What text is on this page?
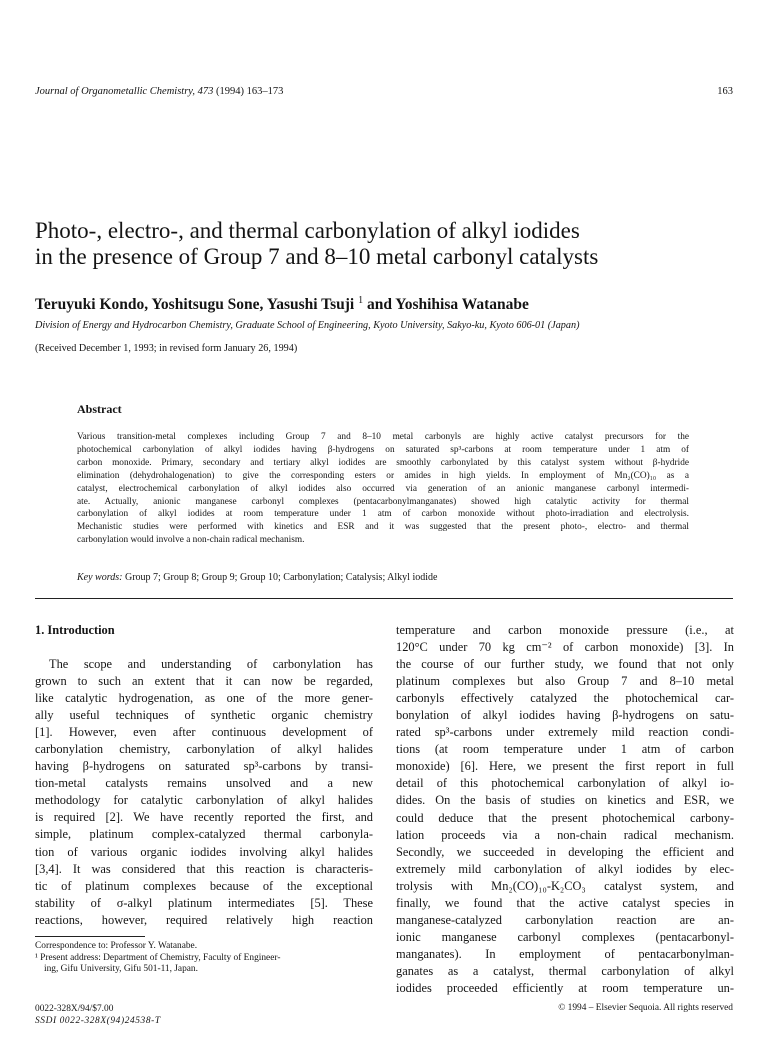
Journal of Organometallic Chemistry, 473 (1994) 163–173	163
Photo-, electro-, and thermal carbonylation of alkyl iodides
in the presence of Group 7 and 8–10 metal carbonyl catalysts
Teruyuki Kondo, Yoshitsugu Sone, Yasushi Tsuji $^1$ and Yoshihisa Watanabe
Division of Energy and Hydrocarbon Chemistry, Graduate School of Engineering, Kyoto University, Sakyo-ku, Kyoto 606-01 (Japan)
(Received December 1, 1993; in revised form January 26, 1994)
Abstract
Various transition-metal complexes including Group 7 and 8–10 metal carbonyls are highly active catalyst precursors for the
photochemical carbonylation of alkyl iodides having β-hydrogens on saturated sp³-carbons at room temperature under 1 atm of
carbon monoxide. Primary, secondary and tertiary alkyl iodides are smoothly carbonylated by this catalyst system without β-hydride
elimination (dehydrohalogenation) to give the corresponding esters or amides in high yields. In employment of Mn₂(CO)₁₀ as a
catalyst, electrochemical carbonylation of alkyl iodides also occurred via generation of an anionic manganese carbonyl intermedi-
ate. Actually, anionic manganese carbonyl complexes (pentacarbonylmanganates) showed high catalytic activity for thermal
carbonylation of alkyl iodides at room temperature under 1 atm of carbon monoxide without photo-irradiation and electrolysis.
Mechanistic studies were performed with kinetics and ESR and it was suggested that the present photo-, electro- and thermal
carbonylation would involve a non-chain radical mechanism.
Key words: Group 7; Group 8; Group 9; Group 10; Carbonylation; Catalysis; Alkyl iodide
1. Introduction
The scope and understanding of carbonylation has
grown to such an extent that it can now be regarded,
like catalytic hydrogenation, as one of the more gener-
ally useful techniques of synthetic organic chemistry
[1]. However, even after continuous development of
carbonylation chemistry, carbonylation of alkyl halides
having β-hydrogens on saturated sp³-carbons by transi-
tion-metal catalysts remains unsolved and a new
methodology for catalytic carbonylation of alkyl halides
is required [2]. We have recently reported the first, and
simple, platinum complex-catalyzed thermal carbonyla-
tion of various organic iodides involving alkyl halides
[3,4]. It was considered that this reaction is characteris-
tic of platinum complexes because of the exceptional
stability of σ-alkyl platinum intermediates [5]. These
reactions, however, required relatively high reaction
temperature and carbon monoxide pressure (i.e., at
120°C under 70 kg cm⁻² of carbon monoxide) [3]. In
the course of our further study, we found that not only
platinum complexes but also Group 7 and 8–10 metal
carbonyls effectively catalyzed the photochemical car-
bonylation of alkyl iodides having β-hydrogens on satu-
rated sp³-carbons under extremely mild reaction condi-
tions (at room temperature under 1 atm of carbon
monoxide) [6]. Here, we present the first report in full
detail of this photochemical carbonylation of alkyl io-
dides. On the basis of studies on kinetics and ESR, we
could deduce that the present photochemical carbony-
lation proceeds via a non-chain radical mechanism.
Secondly, we succeeded in developing the efficient and
extremely mild carbonylation of alkyl iodides by elec-
trolysis with Mn₂(CO)₁₀-K₂CO₃ catalyst system, and
finally, we found that the active catalyst species in
manganese-catalyzed carbonylation reaction are an-
ionic manganese carbonyl complexes (pentacarbonyl-
manganates). In employment of pentacarbonylman-
ganates as a catalyst, thermal carbonylation of alkyl
iodides proceeded efficiently at room temperature un-
Correspondence to: Professor Y. Watanabe.
¹ Present address: Department of Chemistry, Faculty of Engineer-
ing, Gifu University, Gifu 501-11, Japan.
0022-328X/94/$7.00
SSDI 0022-328X(94)24538-T
© 1994 – Elsevier Sequoia. All rights reserved
